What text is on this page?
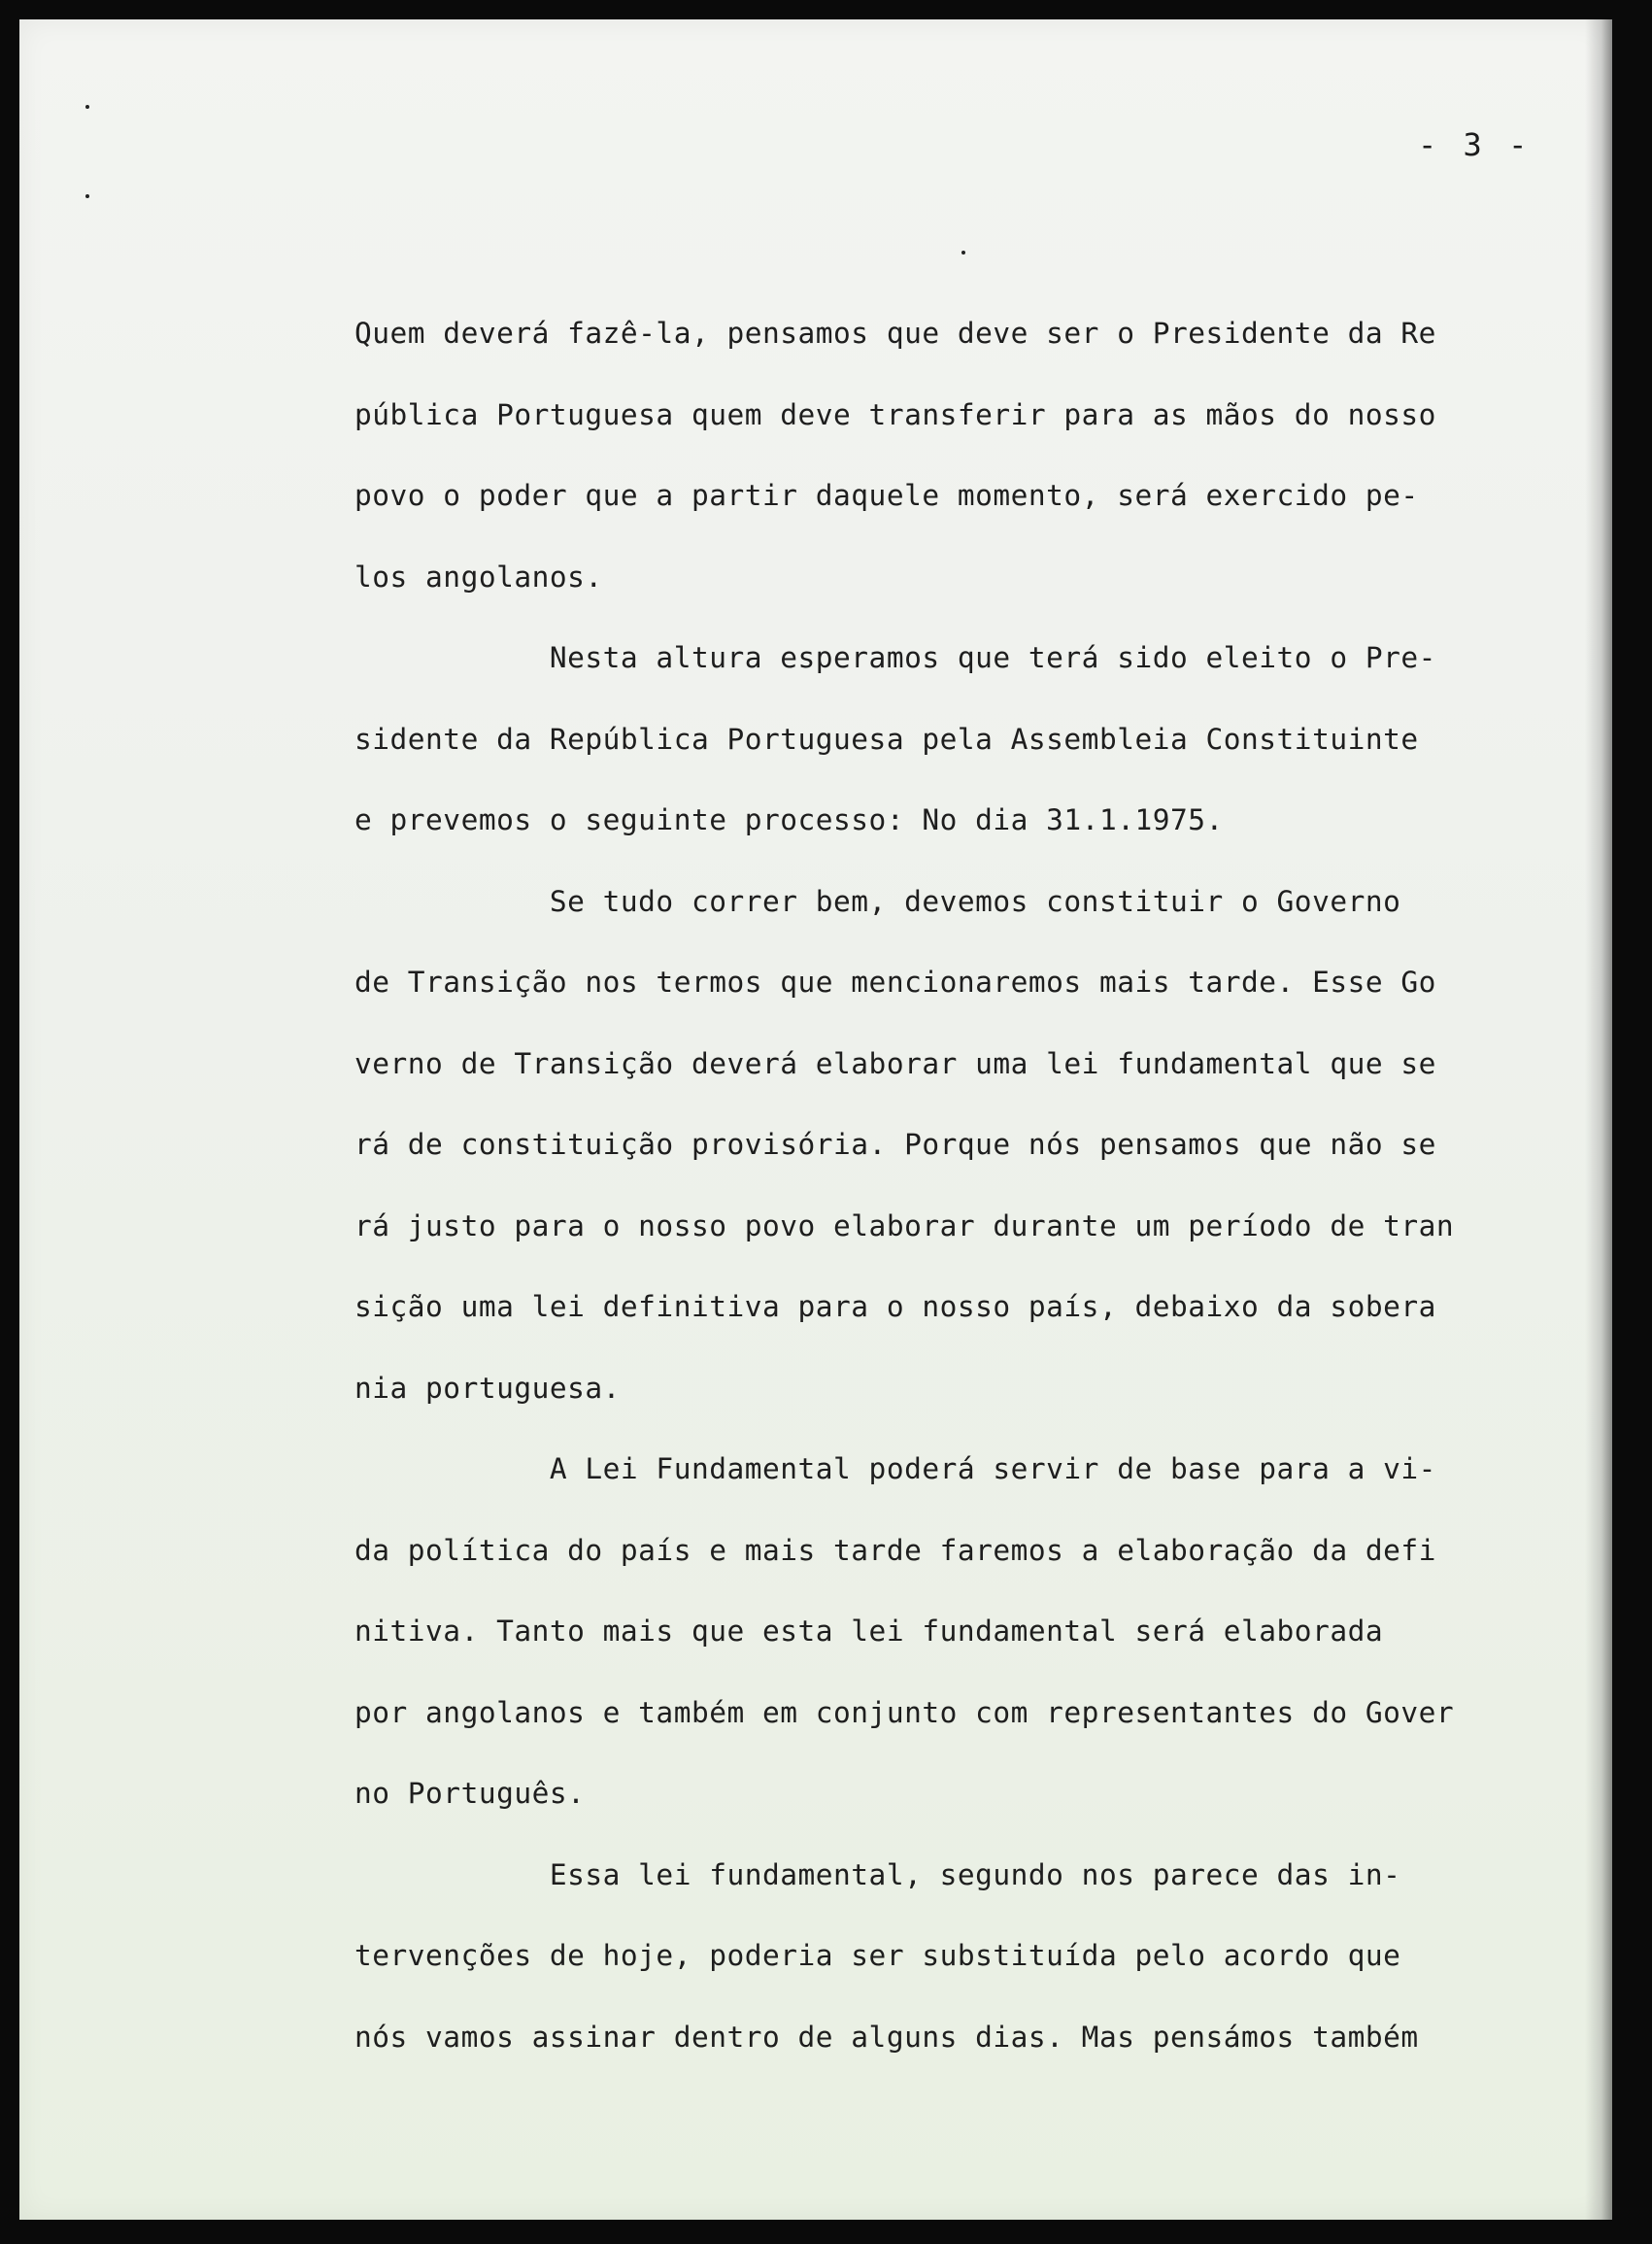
- 3 -
Quem deverá fazê-la, pensamos que deve ser o Presidente da Re
pública Portuguesa quem deve transferir para as mãos do nosso
povo o poder que a partir daquele momento, será exercido pe-
los angolanos.
Nesta altura esperamos que terá sido eleito o Pre-
sidente da República Portuguesa pela Assembleia Constituinte
e prevemos o seguinte processo: No dia 31.1.1975.
Se tudo correr bem, devemos constituir o Governo
de Transição nos termos que mencionaremos mais tarde. Esse Go
verno de Transição deverá elaborar uma lei fundamental que se
rá de constituição provisória. Porque nós pensamos que não se
rá justo para o nosso povo elaborar durante um período de tran
sição uma lei definitiva para o nosso país, debaixo da sobera
nia portuguesa.
A Lei Fundamental poderá servir de base para a vi-
da política do país e mais tarde faremos a elaboração da defi
nitiva. Tanto mais que esta lei fundamental será elaborada
por angolanos e também em conjunto com representantes do Gover
no Português.
Essa lei fundamental, segundo nos parece das in-
tervenções de hoje, poderia ser substituída pelo acordo que
nós vamos assinar dentro de alguns dias. Mas pensámos também
